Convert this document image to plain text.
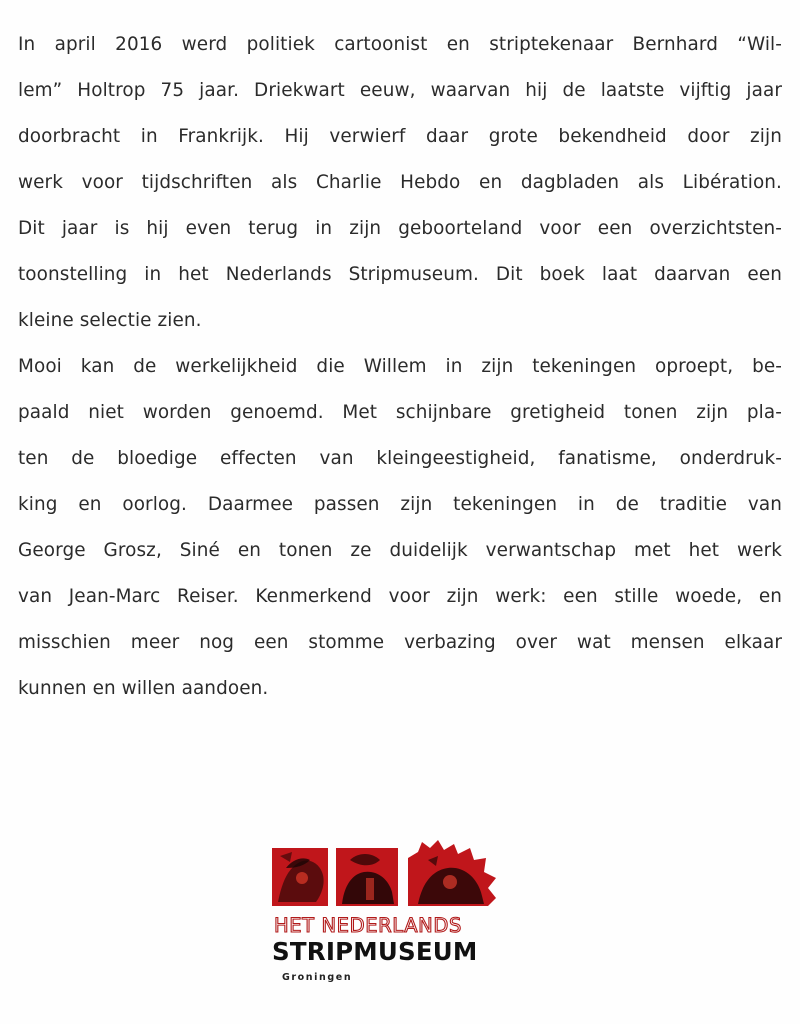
In april 2016 werd politiek cartoonist en striptekenaar Bernhard “Wil-
lem” Holtrop 75 jaar. Driekwart eeuw, waarvan hij de laatste vijftig jaar
doorbracht in Frankrijk. Hij verwierf daar grote bekendheid door zijn
werk voor tijdschriften als Charlie Hebdo en dagbladen als Libération.
Dit jaar is hij even terug in zijn geboorteland voor een overzichtsten-
toonstelling in het Nederlands Stripmuseum. Dit boek laat daarvan een
kleine selectie zien.
Mooi kan de werkelijkheid die Willem in zijn tekeningen oproept, be-
paald niet worden genoemd. Met schijnbare gretigheid tonen zijn pla-
ten de bloedige effecten van kleingeestigheid, fanatisme, onderdruk-
king en oorlog. Daarmee passen zijn tekeningen in de traditie van
George Grosz, Siné en tonen ze duidelijk verwantschap met het werk
van Jean-Marc Reiser. Kenmerkend voor zijn werk: een stille woede, en
misschien meer nog een stomme verbazing over wat mensen elkaar
kunnen en willen aandoen.
HET NEDERLANDS
STRIPMUSEUM
Groningen
